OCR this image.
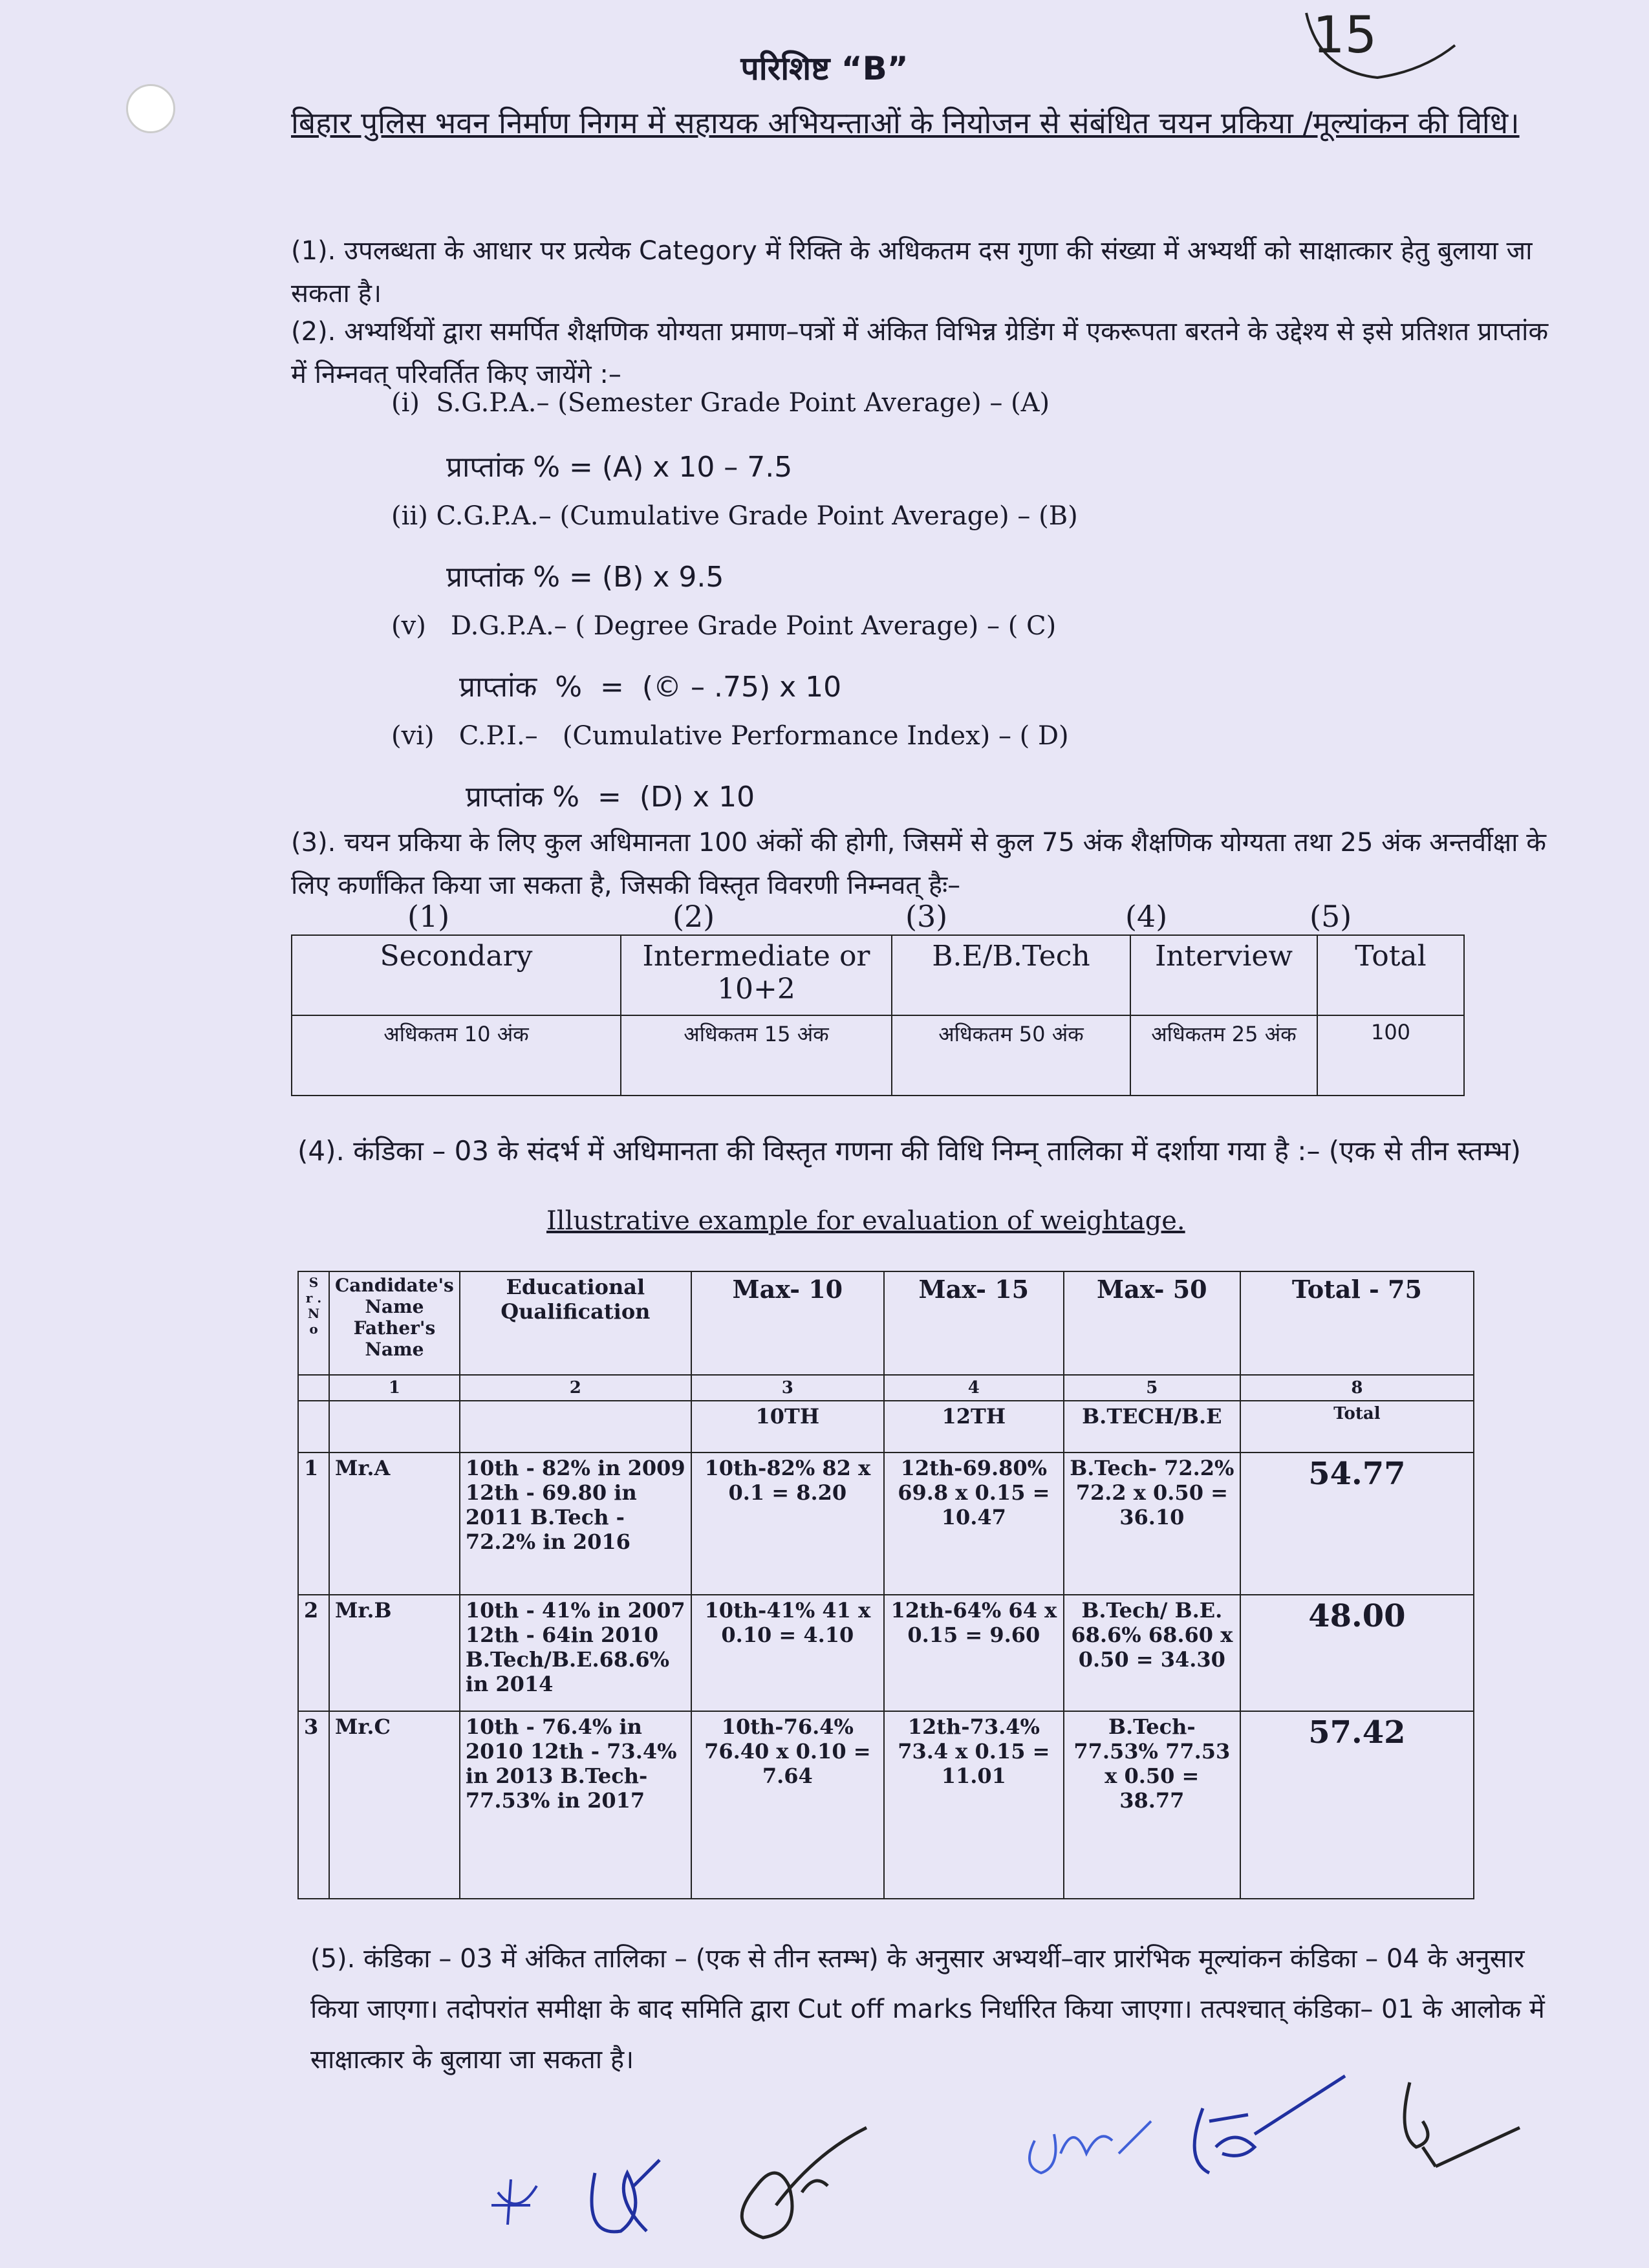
15
परिशिष्ट “B”
बिहार पुलिस भवन निर्माण निगम में सहायक अभियन्ताओं के नियोजन से संबंधित चयन प्रकिया /मूल्यांकन की विधि।
(1). उपलब्धता के आधार पर प्रत्येक Category में रिक्ति के अधिकतम दस गुणा की संख्या में अभ्यर्थी को साक्षात्कार हेतु बुलाया जा सकता है।
(2). अभ्यर्थियों द्वारा समर्पित शैक्षणिक योग्यता प्रमाण–पत्रों में अंकित विभिन्न ग्रेडिंग में एकरूपता बरतने के उद्देश्य से इसे प्रतिशत प्राप्तांक में निम्नवत् परिवर्तित किए जायेंगे :–
(i)  S.G.P.A.– (Semester Grade Point Average) – (A)
प्राप्तांक % = (A) x 10 – 7.5
(ii) C.G.P.A.– (Cumulative Grade Point Average) – (B)
प्राप्तांक % = (B) x 9.5
(v)   D.G.P.A.– ( Degree Grade Point Average) – ( C)
प्राप्तांक  %  =  (© – .75) x 10
(vi)   C.P.I.–   (Cumulative Performance Index) – ( D)
प्राप्तांक %  =  (D) x 10
(3). चयन प्रकिया के लिए कुल अधिमानता 100 अंकों की होगी, जिसमें से कुल 75 अंक शैक्षणिक योग्यता तथा 25 अंक अन्तर्वीक्षा के लिए कर्णांकित किया जा सकता है, जिसकी विस्तृत विवरणी निम्नवत् हैः–
(1)	(2)	(3)	(4)	(5)
Secondary	Intermediate or 10+2	B.E/B.Tech	Interview	Total
अधिकतम 10 अंक	अधिकतम 15 अंक	अधिकतम 50 अंक	अधिकतम 25 अंक	100
(4). कंडिका – 03 के संदर्भ में अधिमानता की विस्तृत गणना की विधि निम्न् तालिका में दर्शाया गया है :– (एक से तीन स्तम्भ)
Illustrative example for evaluation of weightage.
S r . N o	Candidate's Name Father's Name	Educational Qualification	Max- 10	Max- 15	Max- 50	Total - 75
	1	2	3	4	5	8
			10TH	12TH	B.TECH/B.E	Total
1	Mr.A	10th - 82% in 2009 12th - 69.80 in 2011 B.Tech - 72.2% in 2016	10th-82% 82 x 0.1 = 8.20	12th-69.80% 69.8 x 0.15 = 10.47	B.Tech- 72.2% 72.2 x 0.50 = 36.10	54.77
2	Mr.B	10th - 41% in 2007 12th - 64in 2010 B.Tech/B.E.68.6% in 2014	10th-41% 41 x 0.10 = 4.10	12th-64% 64 x 0.15 = 9.60	B.Tech/ B.E. 68.6% 68.60 x 0.50 = 34.30	48.00
3	Mr.C	10th - 76.4% in 2010 12th - 73.4% in 2013 B.Tech- 77.53% in 2017	10th-76.4% 76.40 x 0.10 = 7.64	12th-73.4% 73.4 x 0.15 = 11.01	B.Tech- 77.53% 77.53 x 0.50 = 38.77	57.42
(5). कंडिका – 03 में अंकित तालिका – (एक से तीन स्तम्भ) के अनुसार अभ्यर्थी–वार प्रारंभिक मूल्यांकन कंडिका – 04 के अनुसार किया जाएगा। तदोपरांत समीक्षा के बाद समिति द्वारा Cut off marks निर्धारित किया जाएगा। तत्पश्चात् कंडिका– 01 के आलोक में साक्षात्कार के बुलाया जा सकता है।
